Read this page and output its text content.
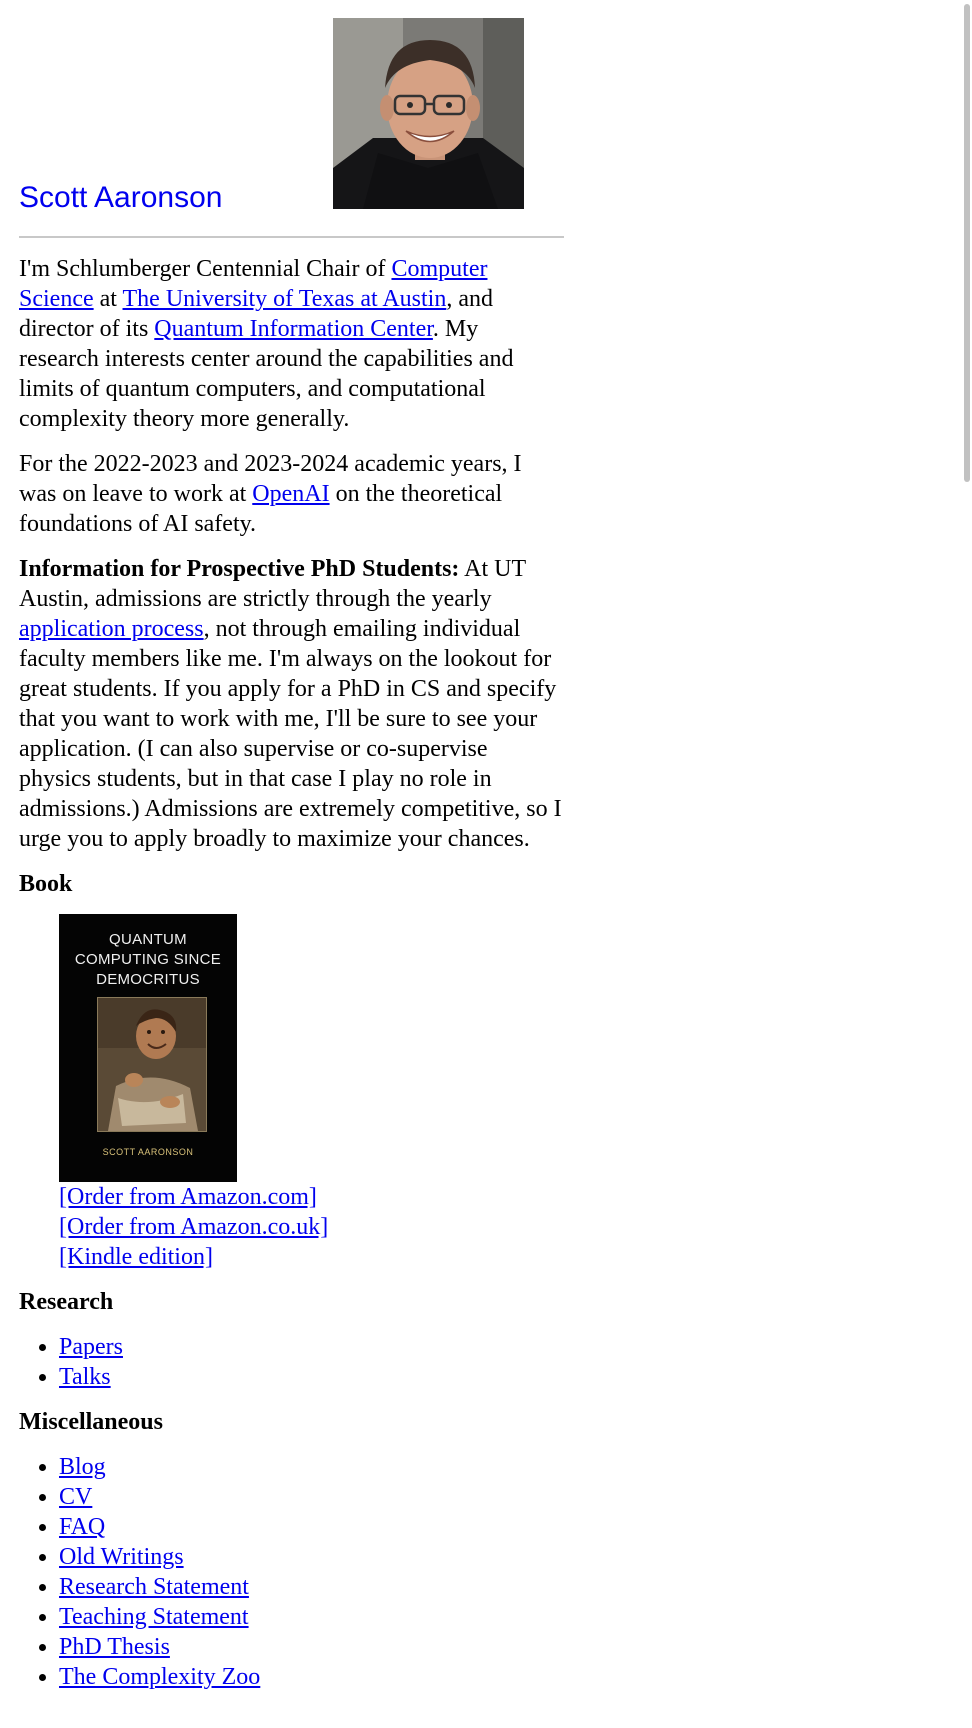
Scott Aaronson

I'm Schlumberger Centennial Chair of Computer Science at The University of Texas at Austin, and director of its Quantum Information Center. My research interests center around the capabilities and limits of quantum computers, and computational complexity theory more generally.

For the 2022-2023 and 2023-2024 academic years, I was on leave to work at OpenAI on the theoretical foundations of AI safety.

Information for Prospective PhD Students: At UT Austin, admissions are strictly through the yearly application process, not through emailing individual faculty members like me. I'm always on the lookout for great students. If you apply for a PhD in CS and specify that you want to work with me, I'll be sure to see your application. (I can also supervise or co-supervise physics students, but in that case I play no role in admissions.) Admissions are extremely competitive, so I urge you to apply broadly to maximize your chances.

Book
QUANTUM
COMPUTING SINCE
DEMOCRITUS
SCOTT AARONSON
[Order from Amazon.com]
[Order from Amazon.co.uk]
[Kindle edition]
Research
• Papers
• Talks
Miscellaneous
• Blog
• CV
• FAQ
• Old Writings
• Research Statement
• Teaching Statement
• PhD Thesis
• The Complexity Zoo
